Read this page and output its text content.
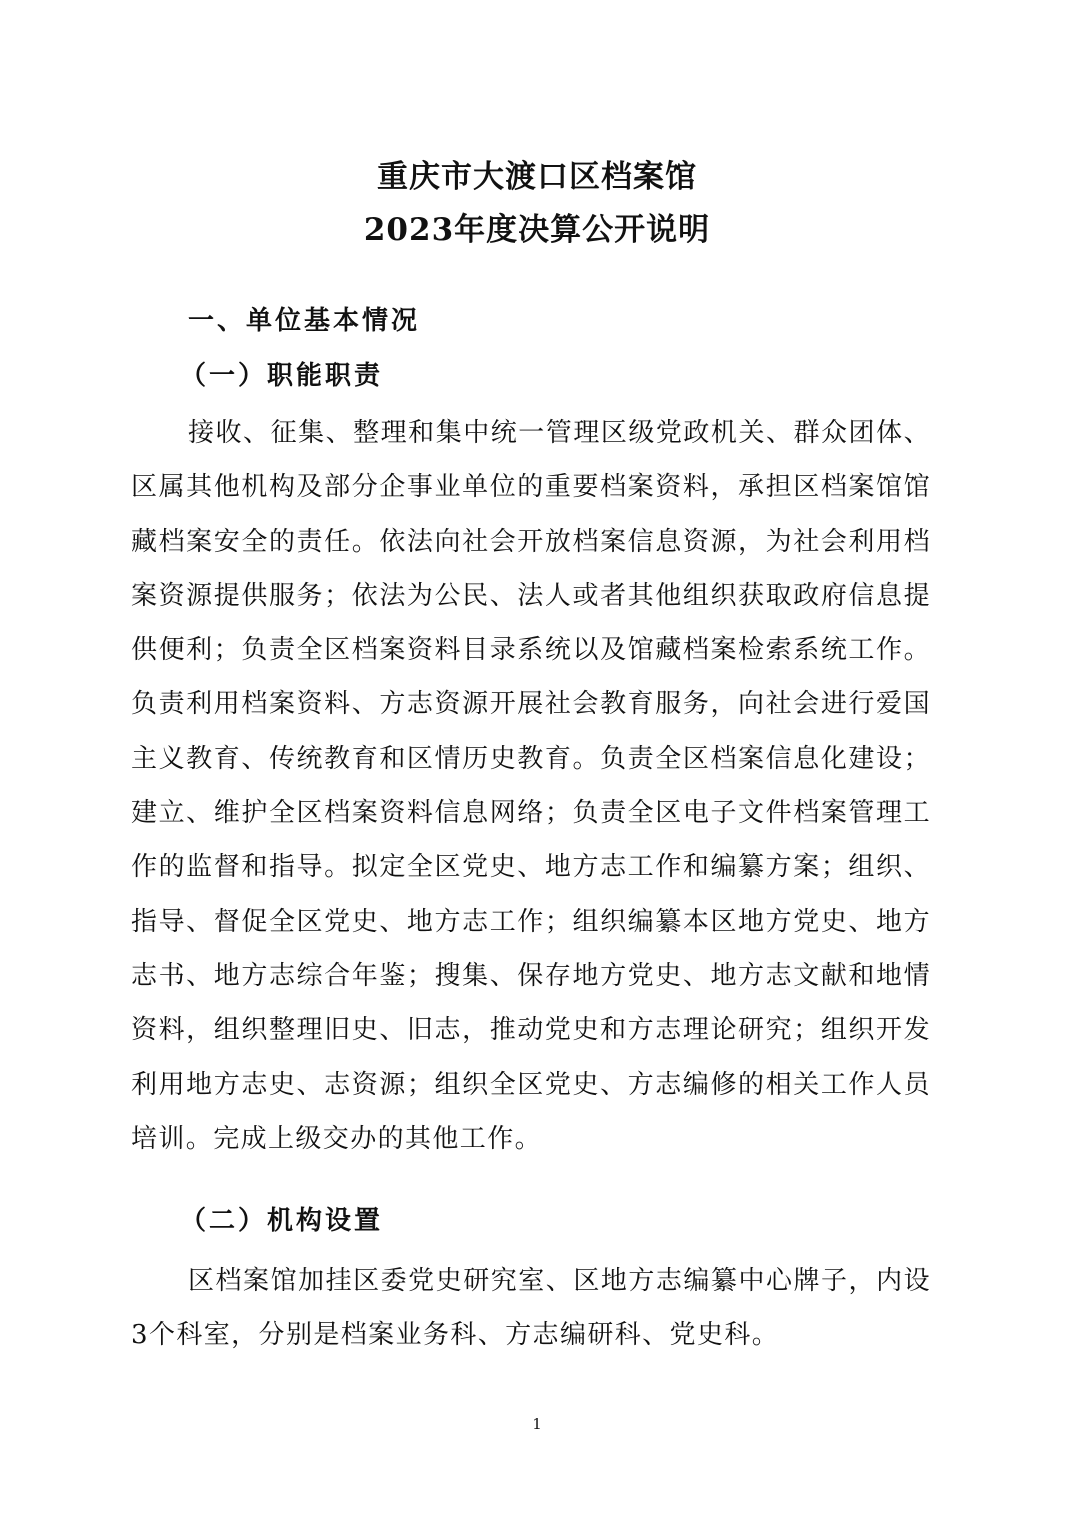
重庆市大渡口区档案馆
2023年度决算公开说明
一、单位基本情况
（一）职能职责

接收、征集、整理和集中统一管理区级党政机关、群众团体、区属其他机构及部分企事业单位的重要档案资料，承担区档案馆馆藏档案安全的责任。依法向社会开放档案信息资源，为社会利用档案资源提供服务；依法为公民、法人或者其他组织获取政府信息提供便利；负责全区档案资料目录系统以及馆藏档案检索系统工作。负责利用档案资料、方志资源开展社会教育服务，向社会进行爱国主义教育、传统教育和区情历史教育。负责全区档案信息化建设；建立、维护全区档案资料信息网络；负责全区电子文件档案管理工作的监督和指导。拟定全区党史、地方志工作和编纂方案；组织、指导、督促全区党史、地方志工作；组织编纂本区地方党史、地方志书、地方志综合年鉴；搜集、保存地方党史、地方志文献和地情资料，组织整理旧史、旧志，推动党史和方志理论研究；组织开发利用地方志史、志资源；组织全区党史、方志编修的相关工作人员培训。完成上级交办的其他工作。

（二）机构设置

区档案馆加挂区委党史研究室、区地方志编纂中心牌子，内设3个科室，分别是档案业务科、方志编研科、党史科。

1
